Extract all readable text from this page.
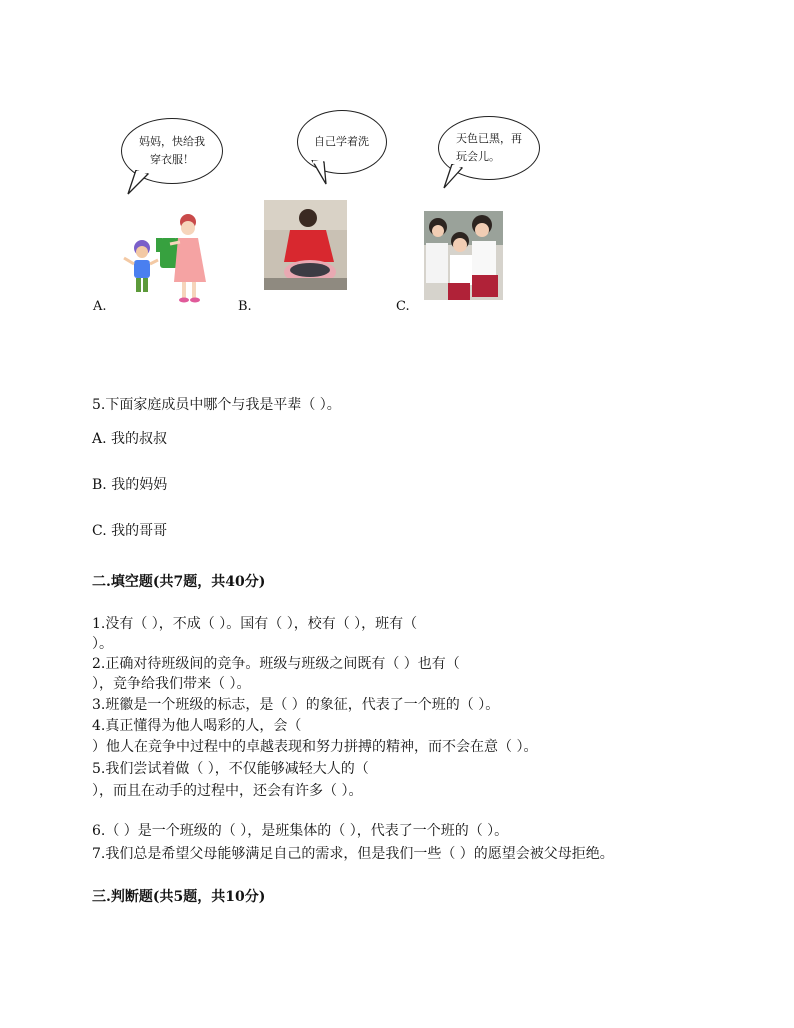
妈妈，快给我穿衣服！
A.
自己学着洗
B.
天色已黑，再玩会儿。
C.
5.下面家庭成员中哪个与我是平辈（ ）。
A. 我的叔叔
B. 我的妈妈
C. 我的哥哥
二.填空题(共7题，共40分)
1.没有（ ），不成（ ）。国有（ ），校有（ ），班有（
）。
2.正确对待班级间的竞争。班级与班级之间既有（ ）也有（
），竞争给我们带来（ ）。
3.班徽是一个班级的标志，是（ ）的象征，代表了一个班的（ ）。
4.真正懂得为他人喝彩的人，会（
）他人在竞争中过程中的卓越表现和努力拼搏的精神，而不会在意（ ）。
5.我们尝试着做（ ），不仅能够减轻大人的（
），而且在动手的过程中，还会有许多（ ）。
6.（ ）是一个班级的（ ），是班集体的（ ），代表了一个班的（ ）。
7.我们总是希望父母能够满足自己的需求，但是我们一些（ ）的愿望会被父母拒绝。
三.判断题(共5题，共10分)
